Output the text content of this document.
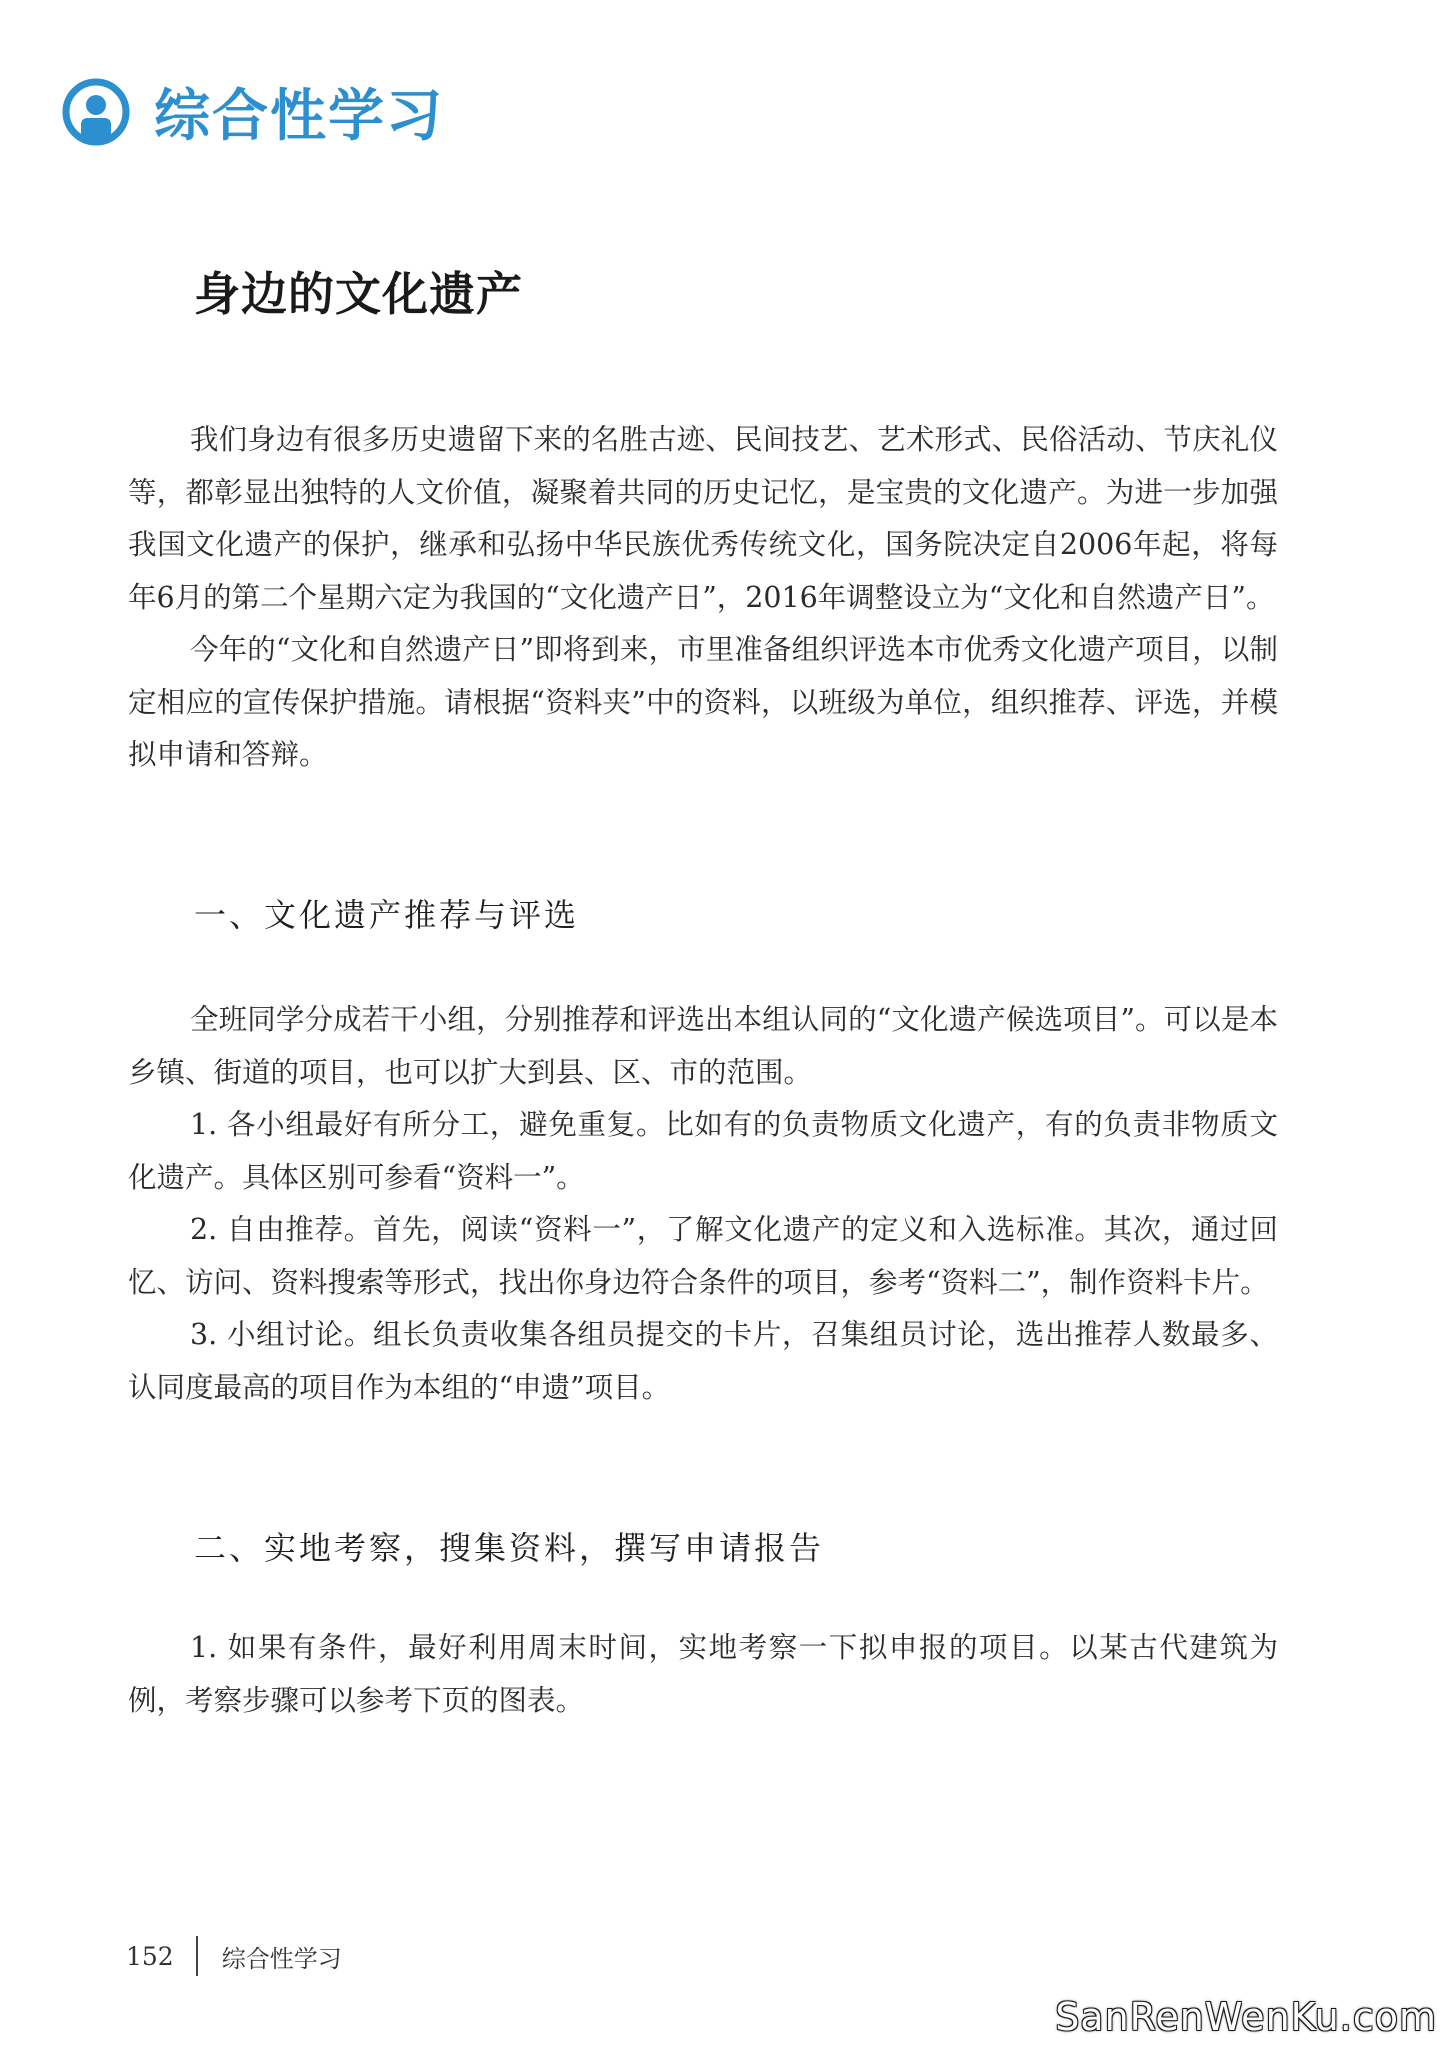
综合性学习
身边的文化遗产

我们身边有很多历史遗留下来的名胜古迹、民间技艺、艺术形式、民俗活动、节庆礼仪等，都彰显出独特的人文价值，凝聚着共同的历史记忆，是宝贵的文化遗产。为进一步加强我国文化遗产的保护，继承和弘扬中华民族优秀传统文化，国务院决定自2006年起，将每年6月的第二个星期六定为我国的“文化遗产日”，2016年调整设立为“文化和自然遗产日”。

今年的“文化和自然遗产日”即将到来，市里准备组织评选本市优秀文化遗产项目，以制定相应的宣传保护措施。请根据“资料夹”中的资料，以班级为单位，组织推荐、评选，并模拟申请和答辩。

一、文化遗产推荐与评选

全班同学分成若干小组，分别推荐和评选出本组认同的“文化遗产候选项目”。可以是本乡镇、街道的项目，也可以扩大到县、区、市的范围。

1. 各小组最好有所分工，避免重复。比如有的负责物质文化遗产，有的负责非物质文化遗产。具体区别可参看“资料一”。

2. 自由推荐。首先，阅读“资料一”，了解文化遗产的定义和入选标准。其次，通过回忆、访问、资料搜索等形式，找出你身边符合条件的项目，参考“资料二”，制作资料卡片。

3. 小组讨论。组长负责收集各组员提交的卡片，召集组员讨论，选出推荐人数最多、认同度最高的项目作为本组的“申遗”项目。

二、实地考察，搜集资料，撰写申请报告

1. 如果有条件，最好利用周末时间，实地考察一下拟申报的项目。以某古代建筑为例，考察步骤可以参考下页的图表。

152 综合性学习
SanRenWenKu.com
